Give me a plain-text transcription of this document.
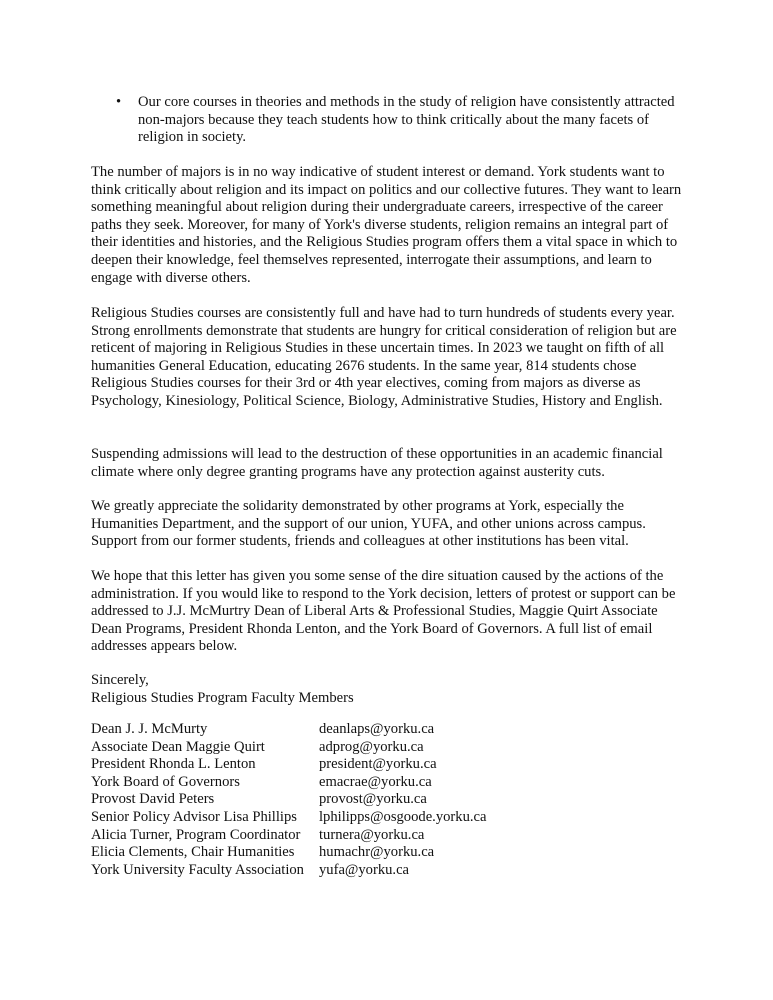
•	Our core courses in theories and methods in the study of religion have consistently attracted non-majors because they teach students how to think critically about the many facets of religion in society.

The number of majors is in no way indicative of student interest or demand. York students want to think critically about religion and its impact on politics and our collective futures. They want to learn something meaningful about religion during their undergraduate careers, irrespective of the career paths they seek. Moreover, for many of York's diverse students, religion remains an integral part of their identities and histories, and the Religious Studies program offers them a vital space in which to deepen their knowledge, feel themselves represented, interrogate their assumptions, and learn to engage with diverse others.

Religious Studies courses are consistently full and have had to turn hundreds of students every year. Strong enrollments demonstrate that students are hungry for critical consideration of religion but are reticent of majoring in Religious Studies in these uncertain times. In 2023 we taught on fifth of all humanities General Education, educating 2676 students. In the same year, 814 students chose Religious Studies courses for their 3rd or 4th year electives, coming from majors as diverse as Psychology, Kinesiology, Political Science, Biology, Administrative Studies, History and English.

Suspending admissions will lead to the destruction of these opportunities in an academic financial climate where only degree granting programs have any protection against austerity cuts.

We greatly appreciate the solidarity demonstrated by other programs at York, especially the Humanities Department, and the support of our union, YUFA, and other unions across campus. Support from our former students, friends and colleagues at other institutions has been vital.

We hope that this letter has given you some sense of the dire situation caused by the actions of the administration. If you would like to respond to the York decision, letters of protest or support can be addressed to J.J. McMurtry Dean of Liberal Arts & Professional Studies, Maggie Quirt Associate Dean Programs, President Rhonda Lenton, and the York Board of Governors. A full list of email addresses appears below.

Sincerely,
Religious Studies Program Faculty Members
Dean J. J. McMurty	deanlaps@yorku.ca
Associate Dean Maggie Quirt	adprog@yorku.ca
President Rhonda L. Lenton	president@yorku.ca
York Board of Governors	emacrae@yorku.ca
Provost David Peters	provost@yorku.ca
Senior Policy Advisor Lisa Phillips	lphilipps@osgoode.yorku.ca
Alicia Turner, Program Coordinator	turnera@yorku.ca
Elicia Clements, Chair Humanities	humachr@yorku.ca
York University Faculty Association	yufa@yorku.ca
